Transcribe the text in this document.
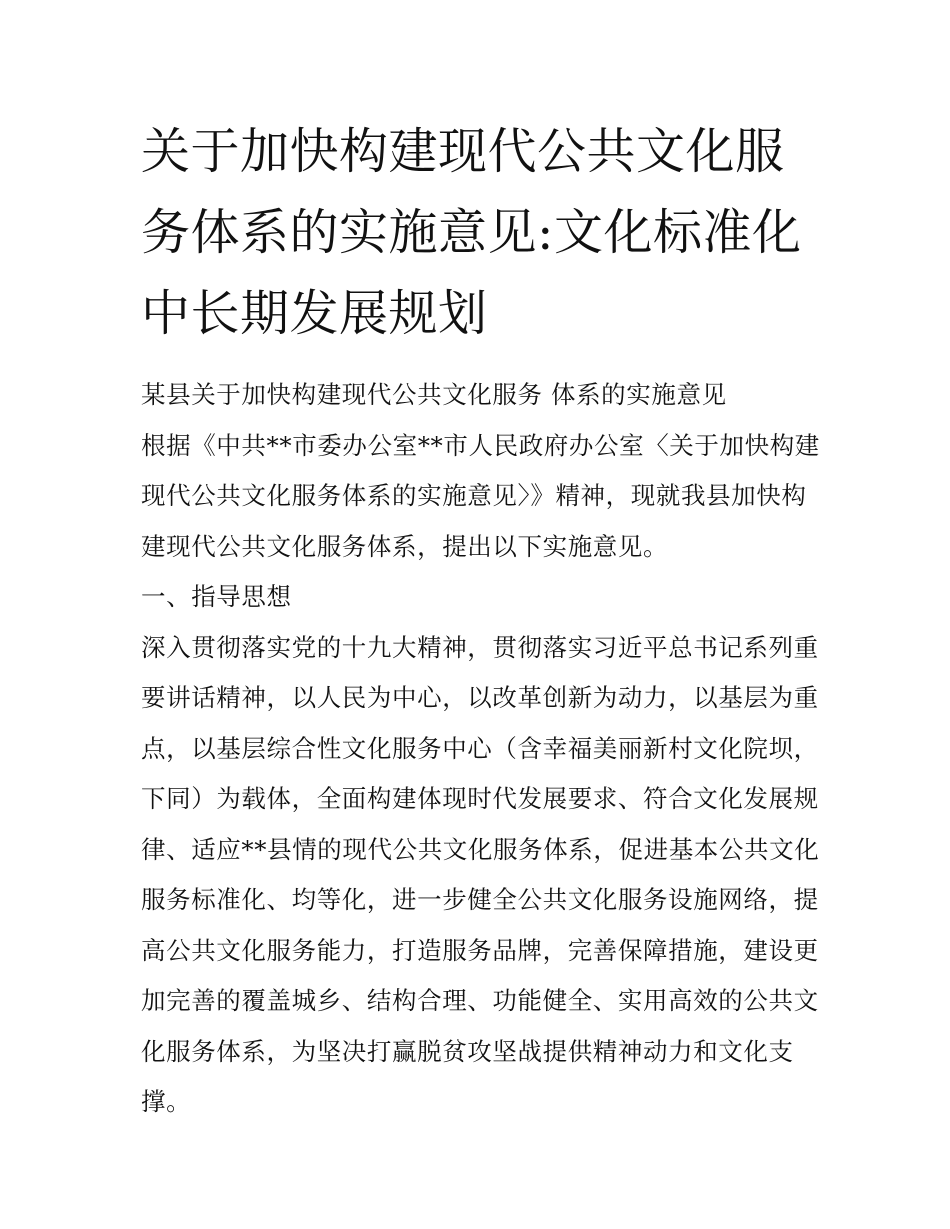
关于加快构建现代公共文化服
务体系的实施意见:文化标准化
中长期发展规划
某县关于加快构建现代公共文化服务 体系的实施意见
根据《中共**市委办公室**市人民政府办公室〈关于加快构建
现代公共文化服务体系的实施意见〉》精神，现就我县加快构
建现代公共文化服务体系，提出以下实施意见。
一、指导思想
深入贯彻落实党的十九大精神，贯彻落实习近平总书记系列重
要讲话精神，以人民为中心，以改革创新为动力，以基层为重
点，以基层综合性文化服务中心（含幸福美丽新村文化院坝，
下同）为载体，全面构建体现时代发展要求、符合文化发展规
律、适应**县情的现代公共文化服务体系，促进基本公共文化
服务标准化、均等化，进一步健全公共文化服务设施网络，提
高公共文化服务能力，打造服务品牌，完善保障措施，建设更
加完善的覆盖城乡、结构合理、功能健全、实用高效的公共文
化服务体系，为坚决打赢脱贫攻坚战提供精神动力和文化支
撑。
